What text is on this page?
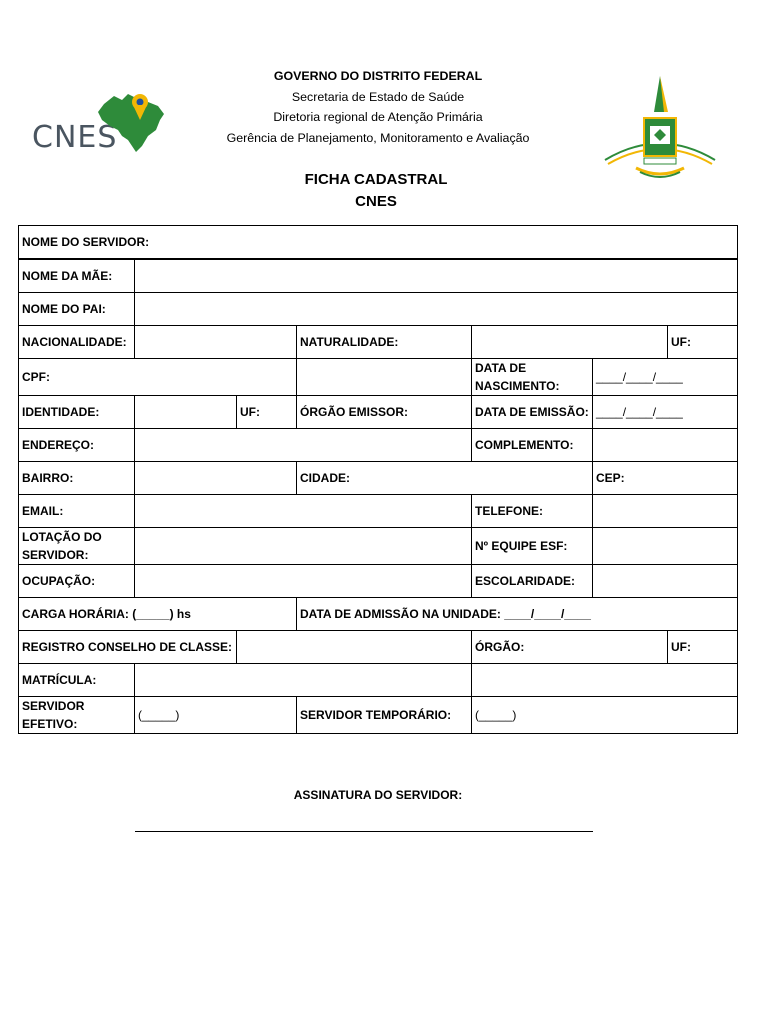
CNES
GOVERNO DO DISTRITO FEDERAL
Secretaria de Estado de Saúde
Diretoria regional de Atenção Primária
Gerência de Planejamento, Monitoramento e Avaliação
FICHA CADASTRAL
CNES
NOME DO SERVIDOR:						
NOME DA MÃE:						
NOME DO PAI:						
NACIONALIDADE:			NATURALIDADE:			UF:
CPF:				DATA DE NASCIMENTO:	____/____/____	
IDENTIDADE:		UF:	ÓRGÃO EMISSOR:	DATA DE EMISSÃO:	____/____/____	
ENDEREÇO:				COMPLEMENTO:		
BAIRRO:			CIDADE:		CEP:	
EMAIL:				TELEFONE:		
LOTAÇÃO DO SERVIDOR:				Nº EQUIPE ESF:		
OCUPAÇÃO:				ESCOLARIDADE:		
CARGA HORÁRIA: (_____) hs			DATA DE ADMISSÃO NA UNIDADE: ____/____/____			
REGISTRO CONSELHO DE CLASSE:				ÓRGÃO:		UF:
MATRÍCULA:						
SERVIDOR EFETIVO:	(_____)		SERVIDOR TEMPORÁRIO:	(_____)		
ASSINATURA DO SERVIDOR:
